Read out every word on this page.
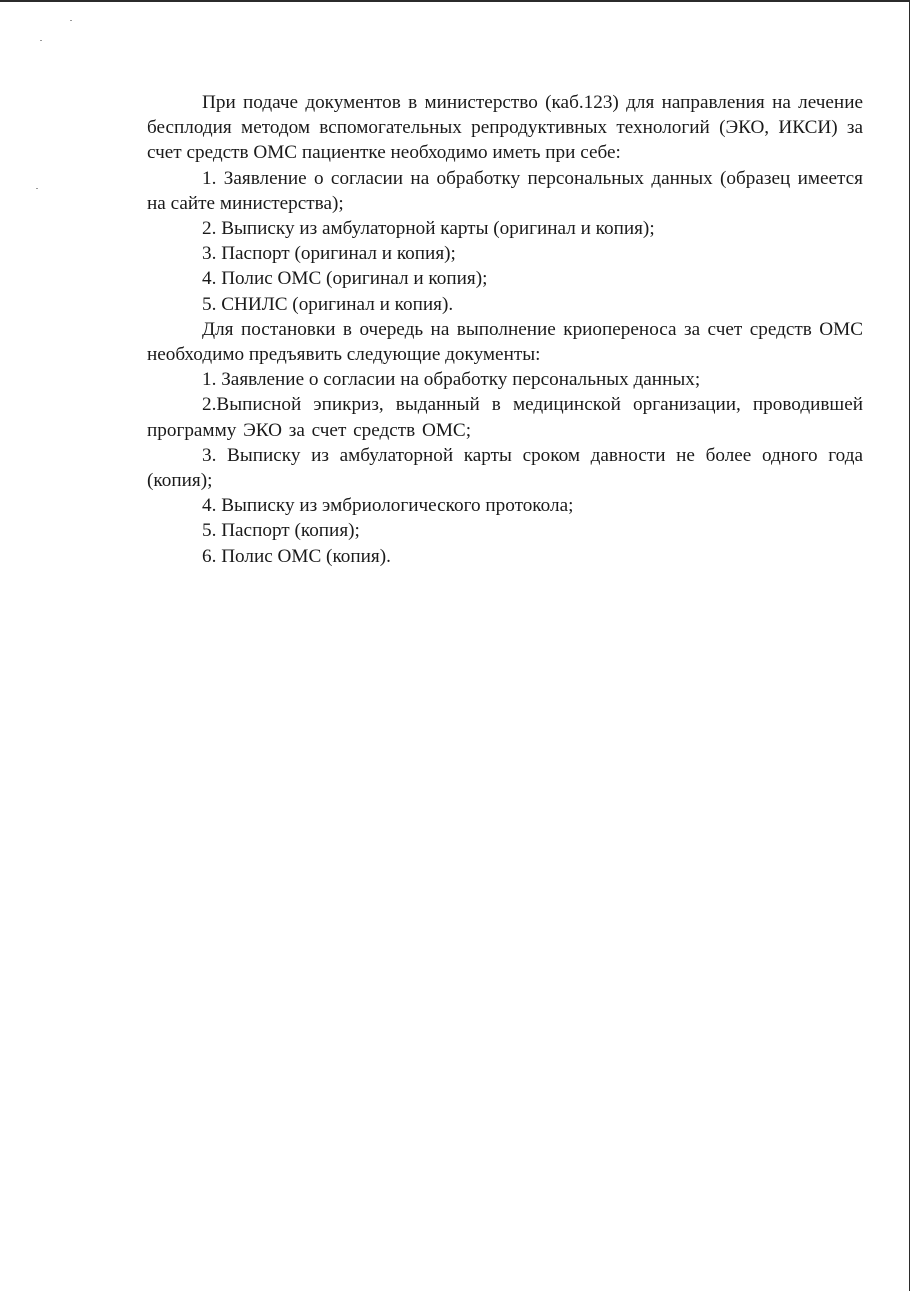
При подаче документов в министерство (каб.123) для направления на лечение бесплодия методом вспомогательных репродуктивных технологий (ЭКО, ИКСИ) за счет средств ОМС пациентке необходимо иметь при себе:

1. Заявление о согласии на обработку персональных данных (образец имеется на сайте министерства);

2. Выписку из амбулаторной карты (оригинал и копия);

3. Паспорт (оригинал и копия);

4. Полис ОМС (оригинал и копия);

5. СНИЛС (оригинал и копия).

Для постановки в очередь на выполнение криопереноса за счет средств ОМС необходимо предъявить следующие документы:

1. Заявление о согласии на обработку персональных данных;

2.Выписной эпикриз, выданный в медицинской организации, проводившей программу ЭКО за счет средств ОМС;

3. Выписку из амбулаторной карты сроком давности не более одного года (копия);

4. Выписку из эмбриологического протокола;

5. Паспорт (копия);

6. Полис ОМС (копия).
